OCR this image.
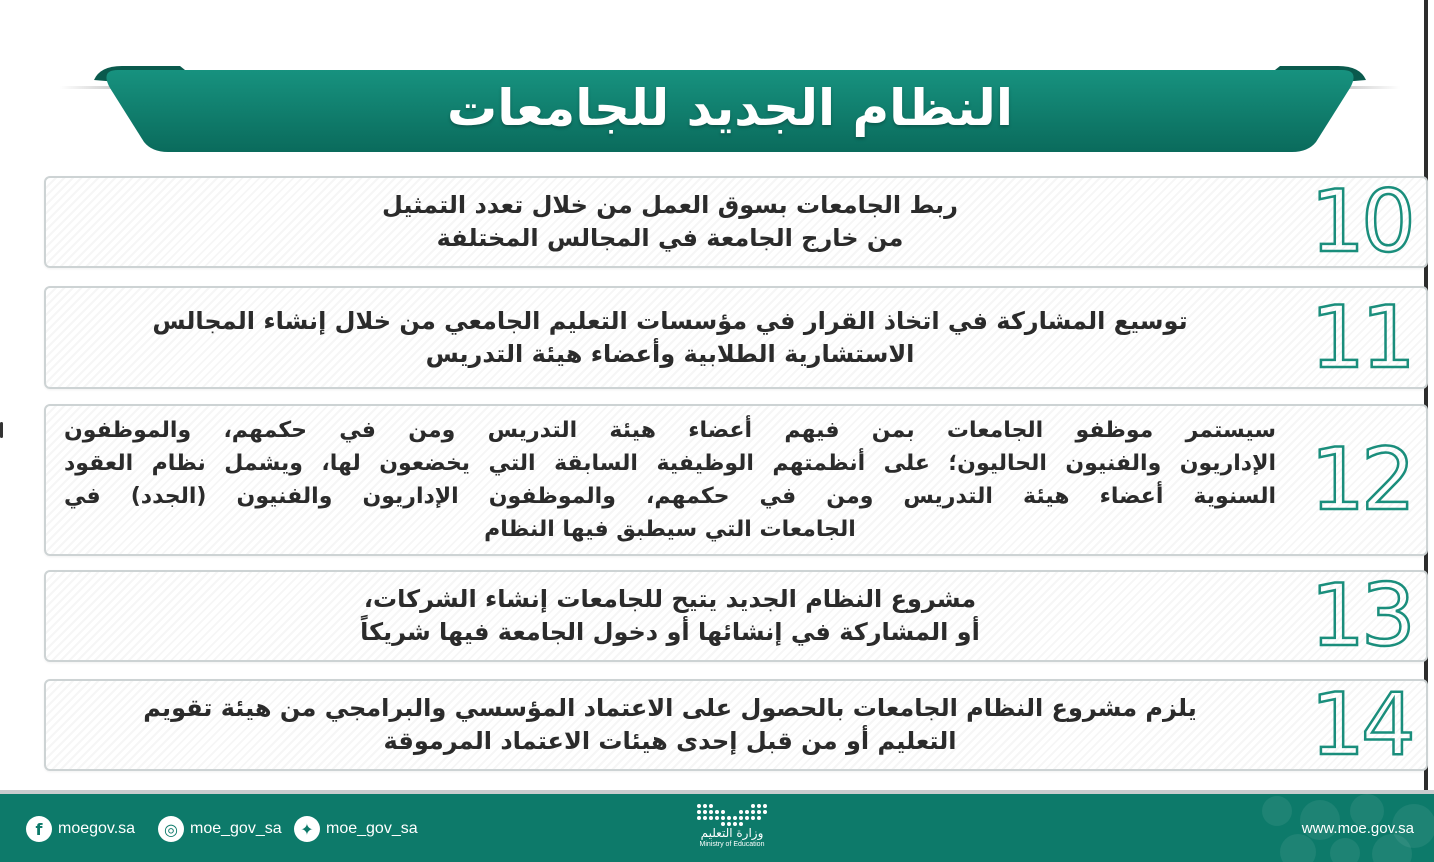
النظام الجديد للجامعات
10
ربط الجامعات بسوق العمل من خلال تعدد التمثيل
من خارج الجامعة في المجالس المختلفة
11
توسيع المشاركة في اتخاذ القرار في مؤسسات التعليم الجامعي من خلال إنشاء المجالس
الاستشارية الطلابية وأعضاء هيئة التدريس
12
سيستمر موظفو الجامعات بمن فيهم أعضاء هيئة التدريس ومن في حكمهم، والموظفون
الإداريون والفنيون الحاليون؛ على أنظمتهم الوظيفية السابقة التي يخضعون لها، ويشمل نظام العقود
السنوية أعضاء هيئة التدريس ومن في حكمهم، والموظفون الإداريون والفنيون (الجدد) في
الجامعات التي سيطبق فيها النظام
13
مشروع النظام الجديد يتيح للجامعات إنشاء الشركات،
أو المشاركة في إنشائها أو دخول الجامعة فيها شريكاً
14
يلزم مشروع النظام الجامعات بالحصول على الاعتماد المؤسسي والبرامجي من هيئة تقويم
التعليم أو من قبل إحدى هيئات الاعتماد المرموقة
f moegov.sa	◎ moe_gov_sa	✦ moe_gov_sa	وزارة التعليم
Ministry of Education
www.moe.gov.sa
